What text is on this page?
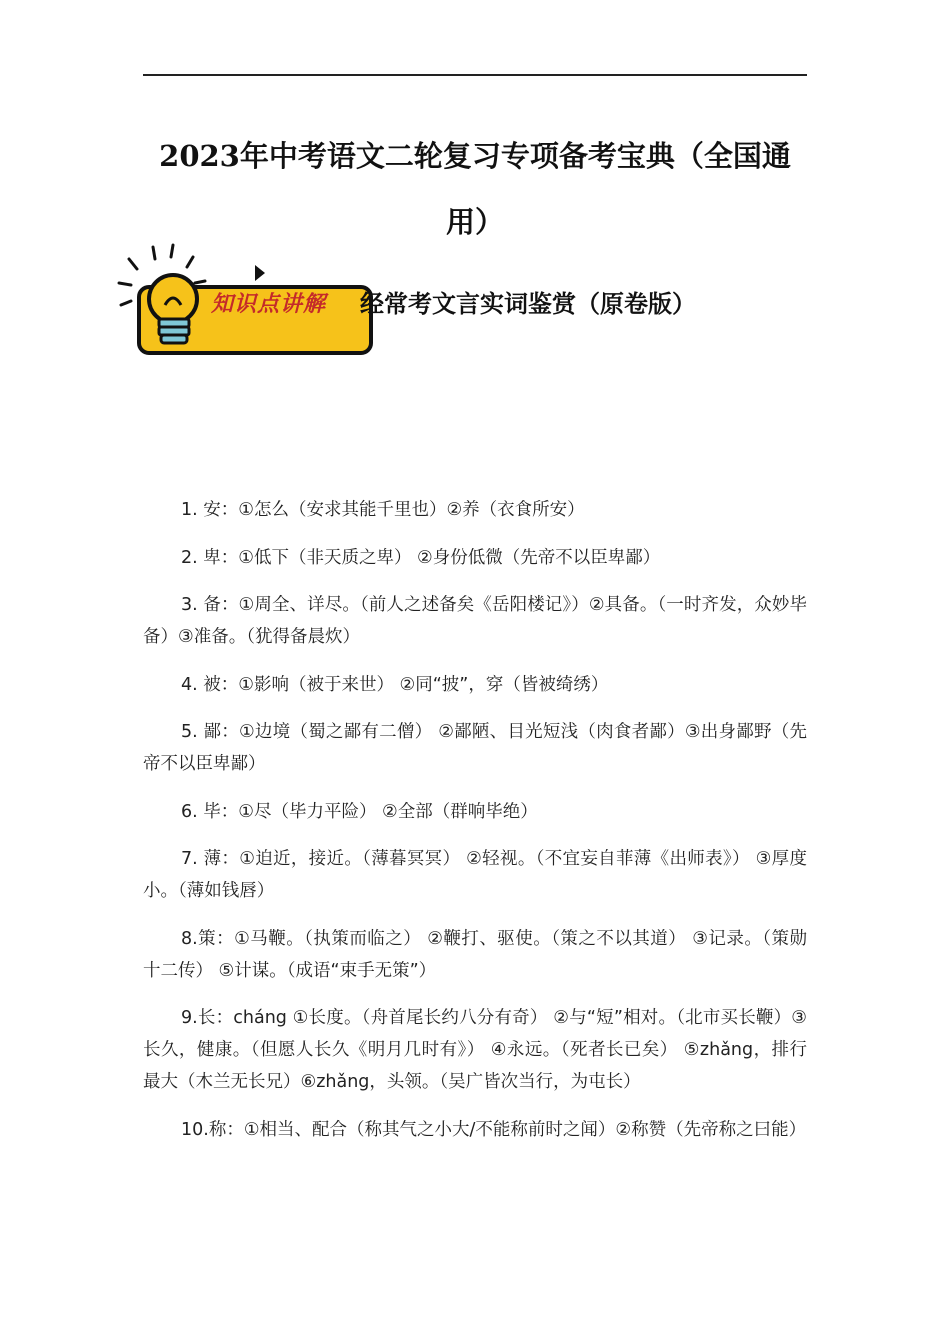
2023年中考语文二轮复习专项备考宝典（全国通
用）
知识点讲解 经常考文言实词鉴赏（原卷版）

1. 安：①怎么（安求其能千里也）②养（衣食所安）

2. 卑：①低下（非天质之卑） ②身份低微（先帝不以臣卑鄙）

3. 备：①周全、详尽。（前人之述备矣《岳阳楼记》）②具备。（一时齐发，众妙毕备）③准备。（犹得备晨炊）

4. 被：①影响（被于来世） ②同“披”，穿（皆被绮绣）

5. 鄙：①边境（蜀之鄙有二僧） ②鄙陋、目光短浅（肉食者鄙）③出身鄙野（先帝不以臣卑鄙）

6. 毕：①尽（毕力平险） ②全部（群响毕绝）

7. 薄：①迫近，接近。（薄暮冥冥） ②轻视。（不宜妄自菲薄《出师表》） ③厚度小。（薄如钱唇）

8.策：①马鞭。（执策而临之） ②鞭打、驱使。（策之不以其道） ③记录。（策勋十二传） ⑤计谋。（成语“束手无策”）

9.长：cháng ①长度。（舟首尾长约八分有奇） ②与“短”相对。（北市买长鞭）③长久，健康。（但愿人长久《明月几时有》） ④永远。（死者长已矣） ⑤zhǎng，排行最大（木兰无长兄）⑥zhǎng，头领。（吴广皆次当行，为屯长）

10.称：①相当、配合（称其气之小大/不能称前时之闻）②称赞（先帝称之曰能）
